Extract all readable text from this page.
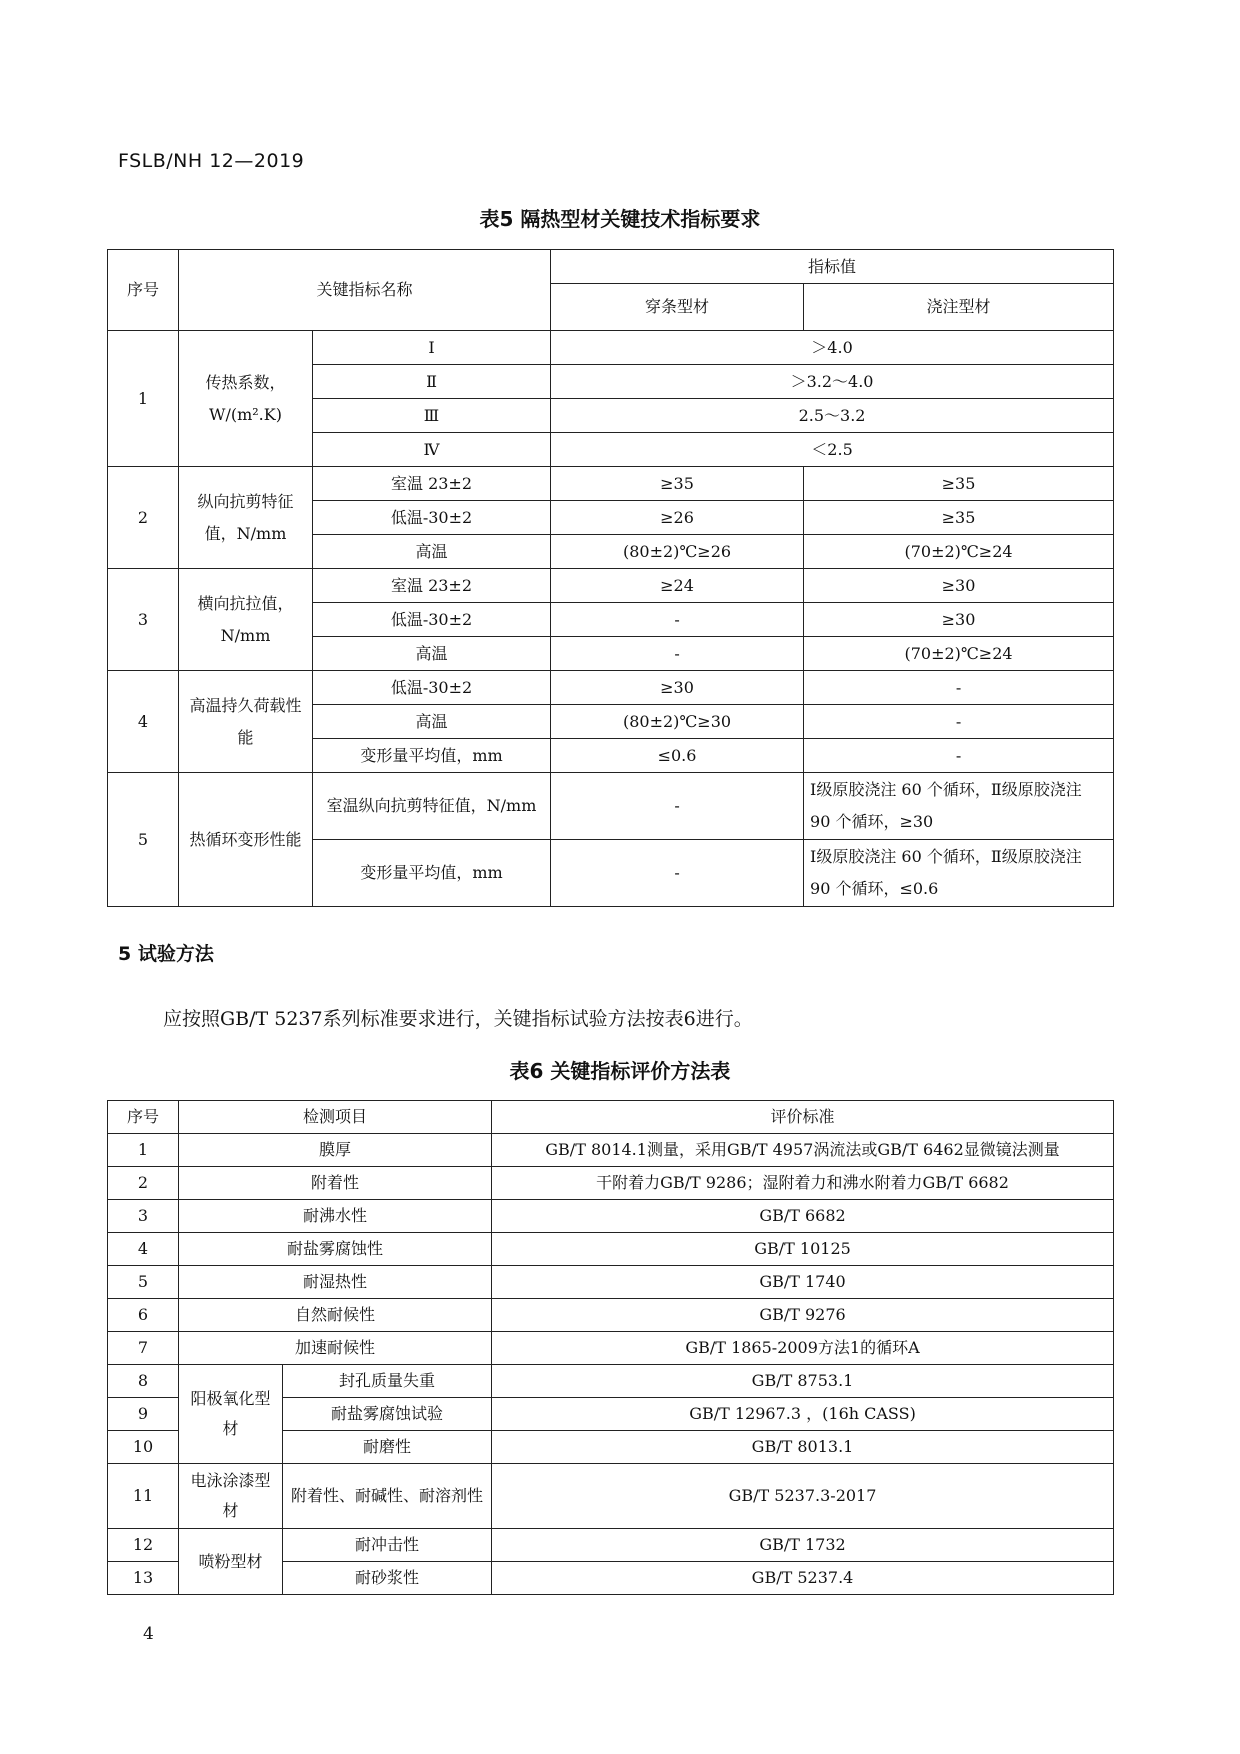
FSLB/NH 12—2019
表5 隔热型材关键技术指标要求
序号	关键指标名称		指标值	
			穿条型材	浇注型材
1	传热系数，W/(m².K)	Ⅰ	＞4.0	
		Ⅱ	＞3.2～4.0	
		Ⅲ	2.5～3.2	
		Ⅳ	＜2.5	
2	纵向抗剪特征值，N/mm	室温 23±2	≥35	≥35
		低温-30±2	≥26	≥35
		高温	(80±2)℃≥26	(70±2)℃≥24
3	横向抗拉值，N/mm	室温 23±2	≥24	≥30
		低温-30±2	-	≥30
		高温	-	(70±2)℃≥24
4	高温持久荷载性能	低温-30±2	≥30	-
		高温	(80±2)℃≥30	-
		变形量平均值，mm	≤0.6	-
5	热循环变形性能	室温纵向抗剪特征值，N/mm	-	Ⅰ级原胶浇注 60 个循环，Ⅱ级原胶浇注 90 个循环，≥30
		变形量平均值，mm	-	Ⅰ级原胶浇注 60 个循环，Ⅱ级原胶浇注 90 个循环，≤0.6
5 试验方法
应按照GB/T 5237系列标准要求进行，关键指标试验方法按表6进行。
表6 关键指标评价方法表
序号	检测项目		评价标准
1	膜厚		GB/T 8014.1测量，采用GB/T 4957涡流法或GB/T 6462显微镜法测量
2	附着性		干附着力GB/T 9286；湿附着力和沸水附着力GB/T 6682
3	耐沸水性		GB/T 6682
4	耐盐雾腐蚀性		GB/T 10125
5	耐湿热性		GB/T 1740
6	自然耐候性		GB/T 9276
7	加速耐候性		GB/T 1865-2009方法1的循环A
8	阳极氧化型材	封孔质量失重	GB/T 8753.1
9		耐盐雾腐蚀试验	GB/T 12967.3 ，(16h CASS)
10		耐磨性	GB/T 8013.1
11	电泳涂漆型材	附着性、耐碱性、耐溶剂性	GB/T 5237.3-2017
12	喷粉型材	耐冲击性	GB/T 1732
13		耐砂浆性	GB/T 5237.4
4
